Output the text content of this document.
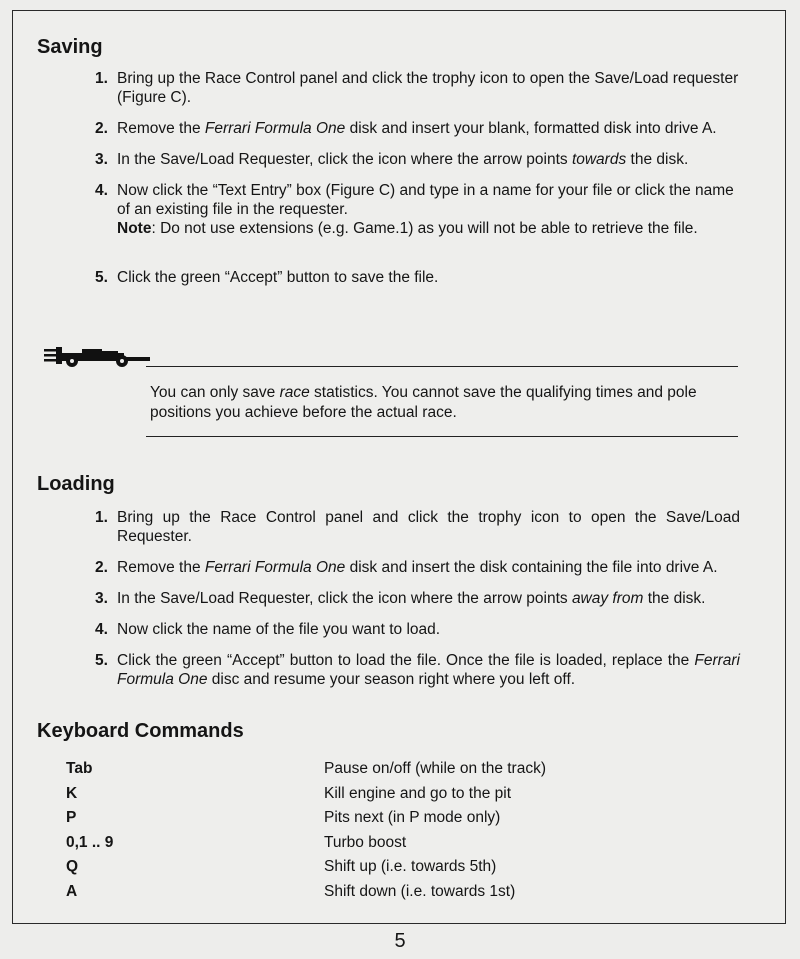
Saving
1. Bring up the Race Control panel and click the trophy icon to open the Save/Load requester (Figure C).
2. Remove the Ferrari Formula One disk and insert your blank, formatted disk into drive A.
3. In the Save/Load Requester, click the icon where the arrow points towards the disk.
4. Now click the “Text Entry” box (Figure C) and type in a name for your file or click the name of an existing file in the requester.
Note: Do not use extensions (e.g. Game.1) as you will not be able to retrieve the file.
5. Click the green “Accept” button to save the file.

You can only save race statistics. You cannot save the qualifying times and pole positions you achieve before the actual race.

Loading
1. Bring up the Race Control panel and click the trophy icon to open the Save/Load Requester.
2. Remove the Ferrari Formula One disk and insert the disk containing the file into drive A.
3. In the Save/Load Requester, click the icon where the arrow points away from the disk.
4. Now click the name of the file you want to load.
5. Click the green “Accept” button to load the file. Once the file is loaded, replace the Ferrari Formula One disc and resume your season right where you left off.
Keyboard Commands
Tab	Pause on/off (while on the track)
K	Kill engine and go to the pit
P	Pits next (in P mode only)
0,1 .. 9	Turbo boost
Q	Shift up (i.e. towards 5th)
A	Shift down (i.e. towards 1st)
5
